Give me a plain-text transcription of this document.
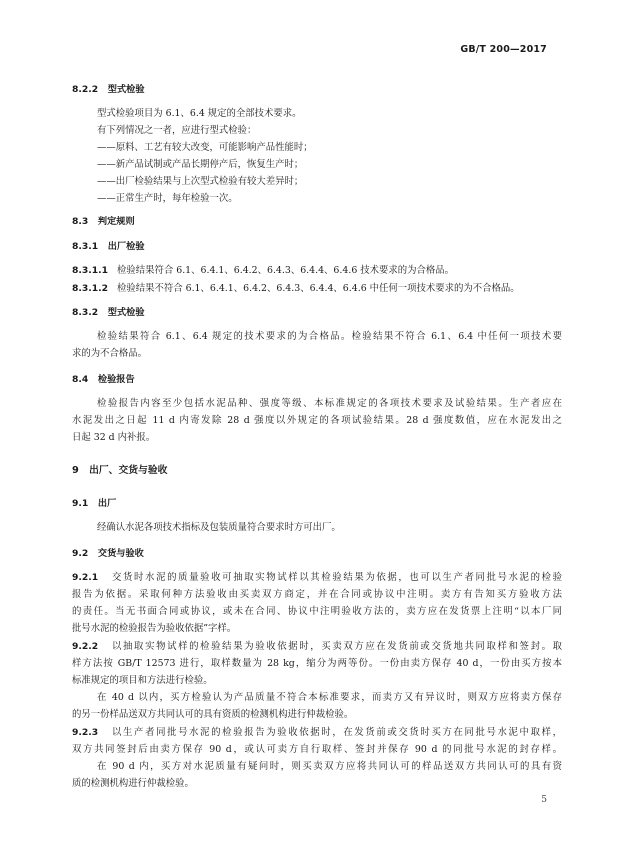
GB/T 200—2017
8.2.2 型式检验
型式检验项目为 6.1、6.4 规定的全部技术要求。
有下列情况之一者，应进行型式检验：
——原料、工艺有较大改变，可能影响产品性能时；
——新产品试制或产品长期停产后，恢复生产时；
——出厂检验结果与上次型式检验有较大差异时；
——正常生产时，每年检验一次。
8.3 判定规则
8.3.1 出厂检验
8.3.1.1 检验结果符合 6.1、6.4.1、6.4.2、6.4.3、6.4.4、6.4.6 技术要求的为合格品。
8.3.1.2 检验结果不符合 6.1、6.4.1、6.4.2、6.4.3、6.4.4、6.4.6 中任何一项技术要求的为不合格品。
8.3.2 型式检验
检验结果符合 6.1、6.4 规定的技术要求的为合格品。检验结果不符合 6.1、6.4 中任何一项技术要
求的为不合格品。
8.4 检验报告
检验报告内容至少包括水泥品种、强度等级、本标准规定的各项技术要求及试验结果。生产者应在
水泥发出之日起 11 d 内寄发除 28 d 强度以外规定的各项试验结果。28 d 强度数值，应在水泥发出之
日起 32 d 内补报。
9 出厂、交货与验收
9.1 出厂
经确认水泥各项技术指标及包装质量符合要求时方可出厂。
9.2 交货与验收
9.2.1 交货时水泥的质量验收可抽取实物试样以其检验结果为依据，也可以生产者同批号水泥的检验
报告为依据。采取何种方法验收由买卖双方商定，并在合同或协议中注明。卖方有告知买方验收方法
的责任。当无书面合同或协议，或未在合同、协议中注明验收方法的，卖方应在发货票上注明“以本厂同
批号水泥的检验报告为验收依据”字样。
9.2.2 以抽取实物试样的检验结果为验收依据时，买卖双方应在发货前或交货地共同取样和签封。取
样方法按 GB/T 12573 进行，取样数量为 28 kg，缩分为两等份。一份由卖方保存 40 d，一份由买方按本
标准规定的项目和方法进行检验。
在 40 d 以内，买方检验认为产品质量不符合本标准要求，而卖方又有异议时，则双方应将卖方保存
的另一份样品送双方共同认可的具有资质的检测机构进行仲裁检验。
9.2.3 以生产者同批号水泥的检验报告为验收依据时，在发货前或交货时买方在同批号水泥中取样，
双方共同签封后由卖方保存 90 d，或认可卖方自行取样、签封并保存 90 d 的同批号水泥的封存样。
在 90 d 内，买方对水泥质量有疑问时，则买卖双方应将共同认可的样品送双方共同认可的具有资
质的检测机构进行仲裁检验。
5
